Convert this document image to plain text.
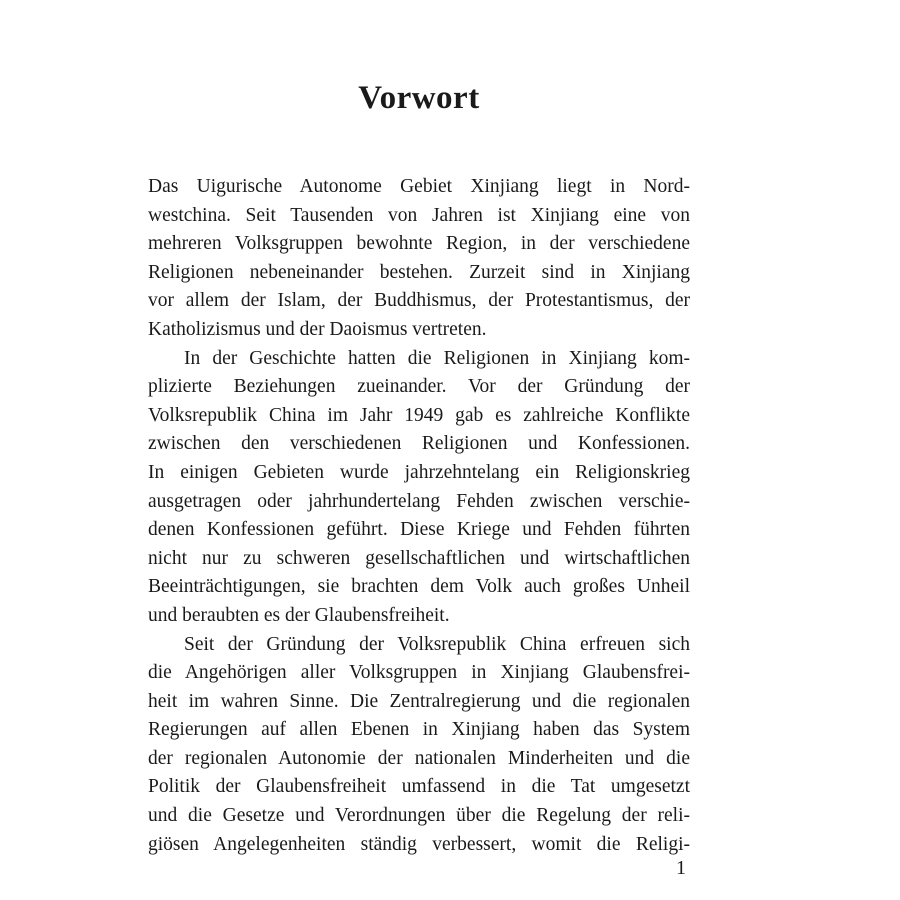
Vorwort
Das Uigurische Autonome Gebiet Xinjiang liegt in Nord-
westchina. Seit Tausenden von Jahren ist Xinjiang eine von
mehreren Volksgruppen bewohnte Region, in der verschiedene
Religionen nebeneinander bestehen. Zurzeit sind in Xinjiang
vor allem der Islam, der Buddhismus, der Protestantismus, der
Katholizismus und der Daoismus vertreten.
In der Geschichte hatten die Religionen in Xinjiang kom-
plizierte Beziehungen zueinander. Vor der Gründung der
Volksrepublik China im Jahr 1949 gab es zahlreiche Konflikte
zwischen den verschiedenen Religionen und Konfessionen.
In einigen Gebieten wurde jahrzehntelang ein Religionskrieg
ausgetragen oder jahrhundertelang Fehden zwischen verschie-
denen Konfessionen geführt. Diese Kriege und Fehden führten
nicht nur zu schweren gesellschaftlichen und wirtschaftlichen
Beeinträchtigungen, sie brachten dem Volk auch großes Unheil
und beraubten es der Glaubensfreiheit.
Seit der Gründung der Volksrepublik China erfreuen sich
die Angehörigen aller Volksgruppen in Xinjiang Glaubensfrei-
heit im wahren Sinne. Die Zentralregierung und die regionalen
Regierungen auf allen Ebenen in Xinjiang haben das System
der regionalen Autonomie der nationalen Minderheiten und die
Politik der Glaubensfreiheit umfassend in die Tat umgesetzt
und die Gesetze und Verordnungen über die Regelung der reli-
giösen Angelegenheiten ständig verbessert, womit die Religi-
1
